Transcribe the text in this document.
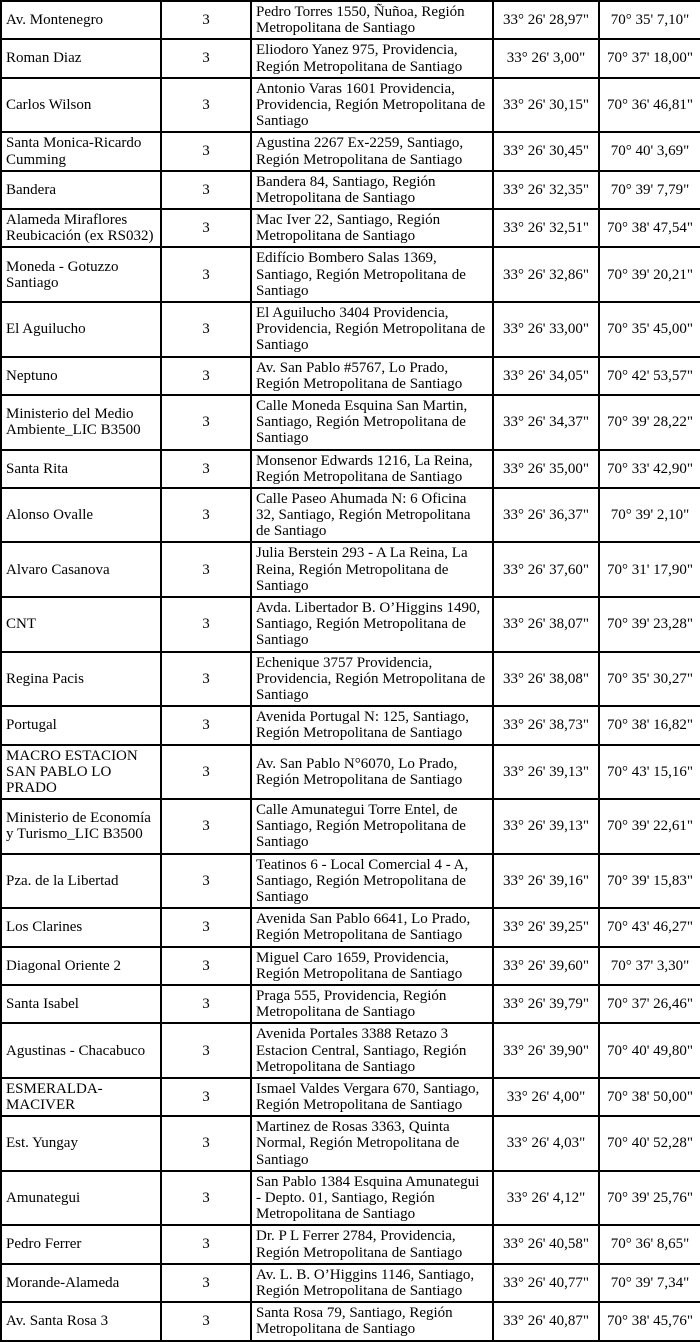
Av. Montenegro	3	Pedro Torres 1550, Ñuñoa, Región Metropolitana de Santiago	33° 26' 28,97"	70° 35' 7,10"
Roman Diaz	3	Eliodoro Yanez 975, Providencia, Región Metropolitana de Santiago	33° 26' 3,00"	70° 37' 18,00"
Carlos Wilson	3	Antonio Varas 1601 Providencia, Providencia, Región Metropolitana de Santiago	33° 26' 30,15"	70° 36' 46,81"
Santa Monica-Ricardo Cumming	3	Agustina 2267 Ex-2259, Santiago, Región Metropolitana de Santiago	33° 26' 30,45"	70° 40' 3,69"
Bandera	3	Bandera 84, Santiago, Región Metropolitana de Santiago	33° 26' 32,35"	70° 39' 7,79"
Alameda Miraflores Reubicación (ex RS032)	3	Mac Iver 22, Santiago, Región Metropolitana de Santiago	33° 26' 32,51"	70° 38' 47,54"
Moneda - Gotuzzo Santiago	3	Edifício Bombero Salas 1369, Santiago, Región Metropolitana de Santiago	33° 26' 32,86"	70° 39' 20,21"
El Aguilucho	3	El Aguilucho 3404 Providencia, Providencia, Región Metropolitana de Santiago	33° 26' 33,00"	70° 35' 45,00"
Neptuno	3	Av. San Pablo #5767, Lo Prado, Región Metropolitana de Santiago	33° 26' 34,05"	70° 42' 53,57"
Ministerio del Medio Ambiente_LIC B3500	3	Calle Moneda Esquina San Martin, Santiago, Región Metropolitana de Santiago	33° 26' 34,37"	70° 39' 28,22"
Santa Rita	3	Monsenor Edwards 1216, La Reina, Región Metropolitana de Santiago	33° 26' 35,00"	70° 33' 42,90"
Alonso Ovalle	3	Calle Paseo Ahumada N: 6 Oficina 32, Santiago, Región Metropolitana de Santiago	33° 26' 36,37"	70° 39' 2,10"
Alvaro Casanova	3	Julia Berstein 293 - A La Reina, La Reina, Región Metropolitana de Santiago	33° 26' 37,60"	70° 31' 17,90"
CNT	3	Avda. Libertador B. O’Higgins 1490, Santiago, Región Metropolitana de Santiago	33° 26' 38,07"	70° 39' 23,28"
Regina Pacis	3	Echenique 3757 Providencia, Providencia, Región Metropolitana de Santiago	33° 26' 38,08"	70° 35' 30,27"
Portugal	3	Avenida Portugal N: 125, Santiago, Región Metropolitana de Santiago	33° 26' 38,73"	70° 38' 16,82"
MACRO ESTACION SAN PABLO LO PRADO	3	Av. San Pablo N°6070, Lo Prado, Región Metropolitana de Santiago	33° 26' 39,13"	70° 43' 15,16"
Ministerio de Economía y Turismo_LIC B3500	3	Calle Amunategui Torre Entel, de Santiago, Región Metropolitana de Santiago	33° 26' 39,13"	70° 39' 22,61"
Pza. de la Libertad	3	Teatinos 6 - Local Comercial 4 - A, Santiago, Región Metropolitana de Santiago	33° 26' 39,16"	70° 39' 15,83"
Los Clarines	3	Avenida San Pablo 6641, Lo Prado, Región Metropolitana de Santiago	33° 26' 39,25"	70° 43' 46,27"
Diagonal Oriente 2	3	Miguel Caro 1659, Providencia, Región Metropolitana de Santiago	33° 26' 39,60"	70° 37' 3,30"
Santa Isabel	3	Praga 555, Providencia, Región Metropolitana de Santiago	33° 26' 39,79"	70° 37' 26,46"
Agustinas - Chacabuco	3	Avenida Portales 3388 Retazo 3 Estacion Central, Santiago, Región Metropolitana de Santiago	33° 26' 39,90"	70° 40' 49,80"
ESMERALDA-MACIVER	3	Ismael Valdes Vergara 670, Santiago, Región Metropolitana de Santiago	33° 26' 4,00"	70° 38' 50,00"
Est. Yungay	3	Martinez de Rosas 3363, Quinta Normal, Región Metropolitana de Santiago	33° 26' 4,03"	70° 40' 52,28"
Amunategui	3	San Pablo 1384 Esquina Amunategui - Depto. 01, Santiago, Región Metropolitana de Santiago	33° 26' 4,12"	70° 39' 25,76"
Pedro Ferrer	3	Dr. P L Ferrer 2784, Providencia, Región Metropolitana de Santiago	33° 26' 40,58"	70° 36' 8,65"
Morande-Alameda	3	Av. L. B. O’Higgins 1146, Santiago, Región Metropolitana de Santiago	33° 26' 40,77"	70° 39' 7,34"
Av. Santa Rosa 3	3	Santa Rosa 79, Santiago, Región Metropolitana de Santiago	33° 26' 40,87"	70° 38' 45,76"
